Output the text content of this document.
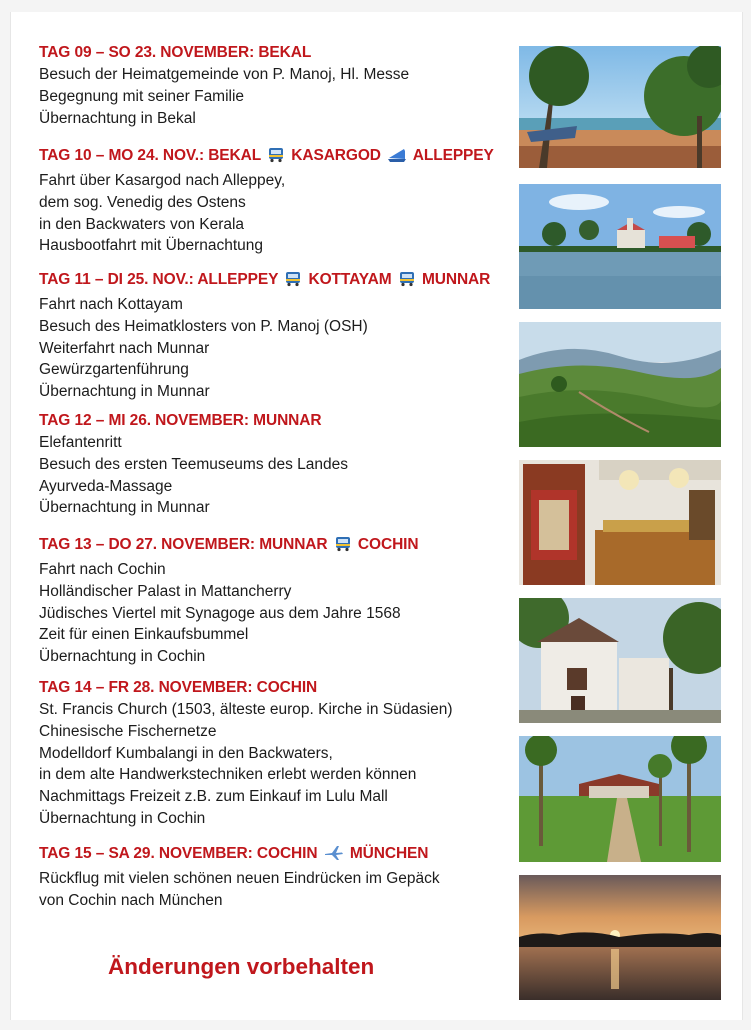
TAG 09 – SO 23. NOVEMBER: BEKAL

Besuch der Heimatgemeinde von P. Manoj, Hl. Messe

Begegnung mit seiner Familie

Übernachtung in Bekal

TAG 10 – MO 24. NOV.: BEKAL KASARGOD ALLEPPEY

Fahrt über Kasargod nach Alleppey,

dem sog. Venedig des Ostens

in den Backwaters von Kerala

Hausbootfahrt mit Übernachtung

TAG 11 – DI 25. NOV.: ALLEPPEY KOTTAYAM MUNNAR

Fahrt nach Kottayam

Besuch des Heimatklosters von P. Manoj (OSH)

Weiterfahrt nach Munnar

Gewürzgartenführung

Übernachtung in Munnar

TAG 12 – MI 26. NOVEMBER: MUNNAR

Elefantenritt

Besuch des ersten Teemuseums des Landes

Ayurveda-Massage

Übernachtung in Munnar

TAG 13 – DO 27. NOVEMBER: MUNNAR COCHIN

Fahrt nach Cochin

Holländischer Palast in Mattancherry

Jüdisches Viertel mit Synagoge aus dem Jahre 1568

Zeit für einen Einkaufsbummel

Übernachtung in Cochin

TAG 14 – FR 28. NOVEMBER: COCHIN

St. Francis Church (1503, älteste europ. Kirche in Südasien)

Chinesische Fischernetze

Modelldorf Kumbalangi in den Backwaters,

in dem alte Handwerkstechniken erlebt werden können

Nachmittags Freizeit z.B. zum Einkauf im Lulu Mall

Übernachtung in Cochin

TAG 15 – SA 29. NOVEMBER: COCHIN MÜNCHEN

Rückflug mit vielen schönen neuen Eindrücken im Gepäck

von Cochin nach München

Änderungen vorbehalten
